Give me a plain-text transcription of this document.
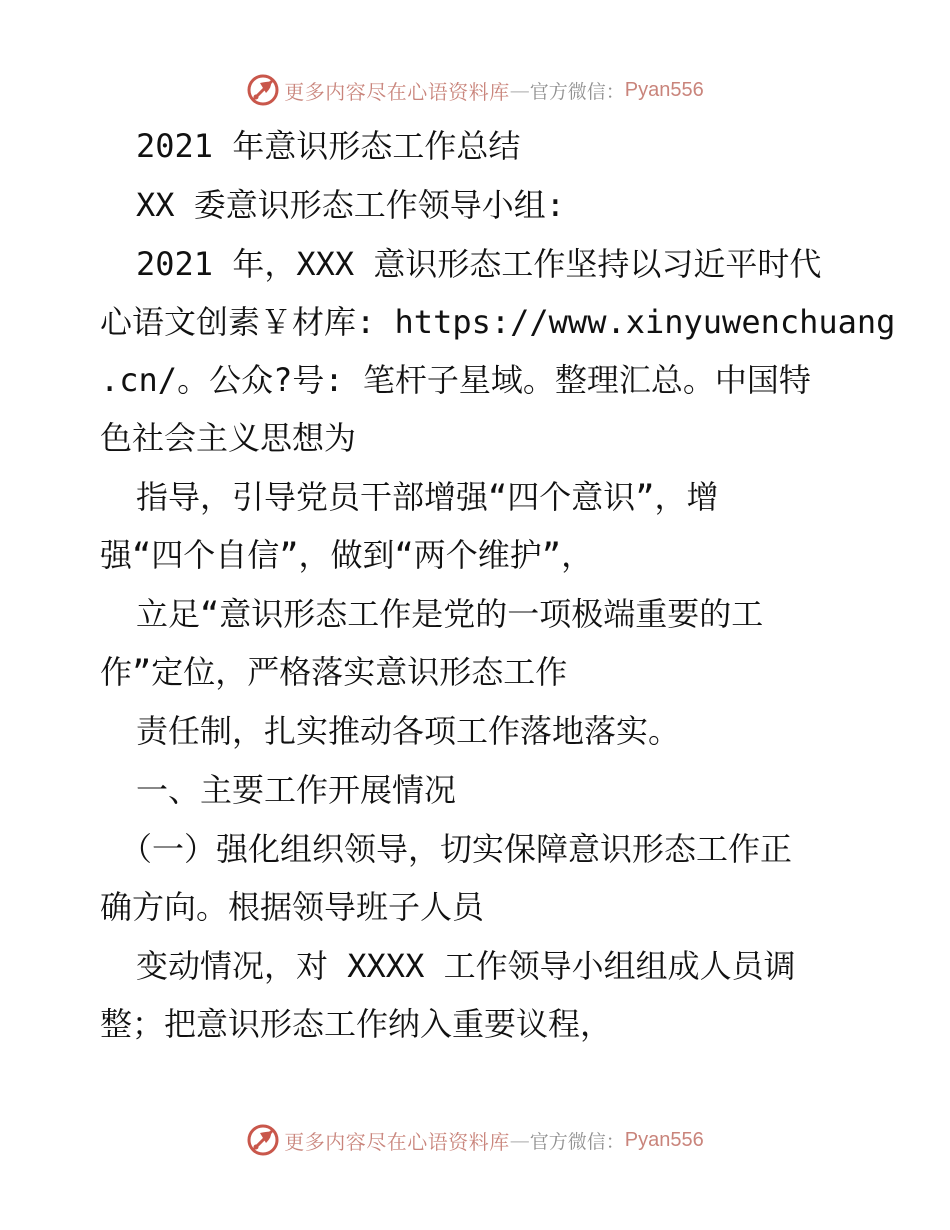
更多内容尽在心语资料库 — 官方微信： Pyan556
2021 年意识形态工作总结
XX 委意识形态工作领导小组:
2021 年，XXX 意识形态工作坚持以习近平时代
心语文创素￥材库: https://www.xinyuwenchuang
.cn/。公众?号: 笔杆子星域。整理汇总。中国特
色社会主义思想为
指导，引导党员干部增强“四个意识”，增
强“四个自信”，做到“两个维护”，
立足“意识形态工作是党的一项极端重要的工
作”定位，严格落实意识形态工作
责任制，扎实推动各项工作落地落实。
一、主要工作开展情况
（一）强化组织领导，切实保障意识形态工作正
确方向。根据领导班子人员
变动情况，对 XXXX 工作领导小组组成人员调
整；把意识形态工作纳入重要议程，
更多内容尽在心语资料库 — 官方微信： Pyan556
